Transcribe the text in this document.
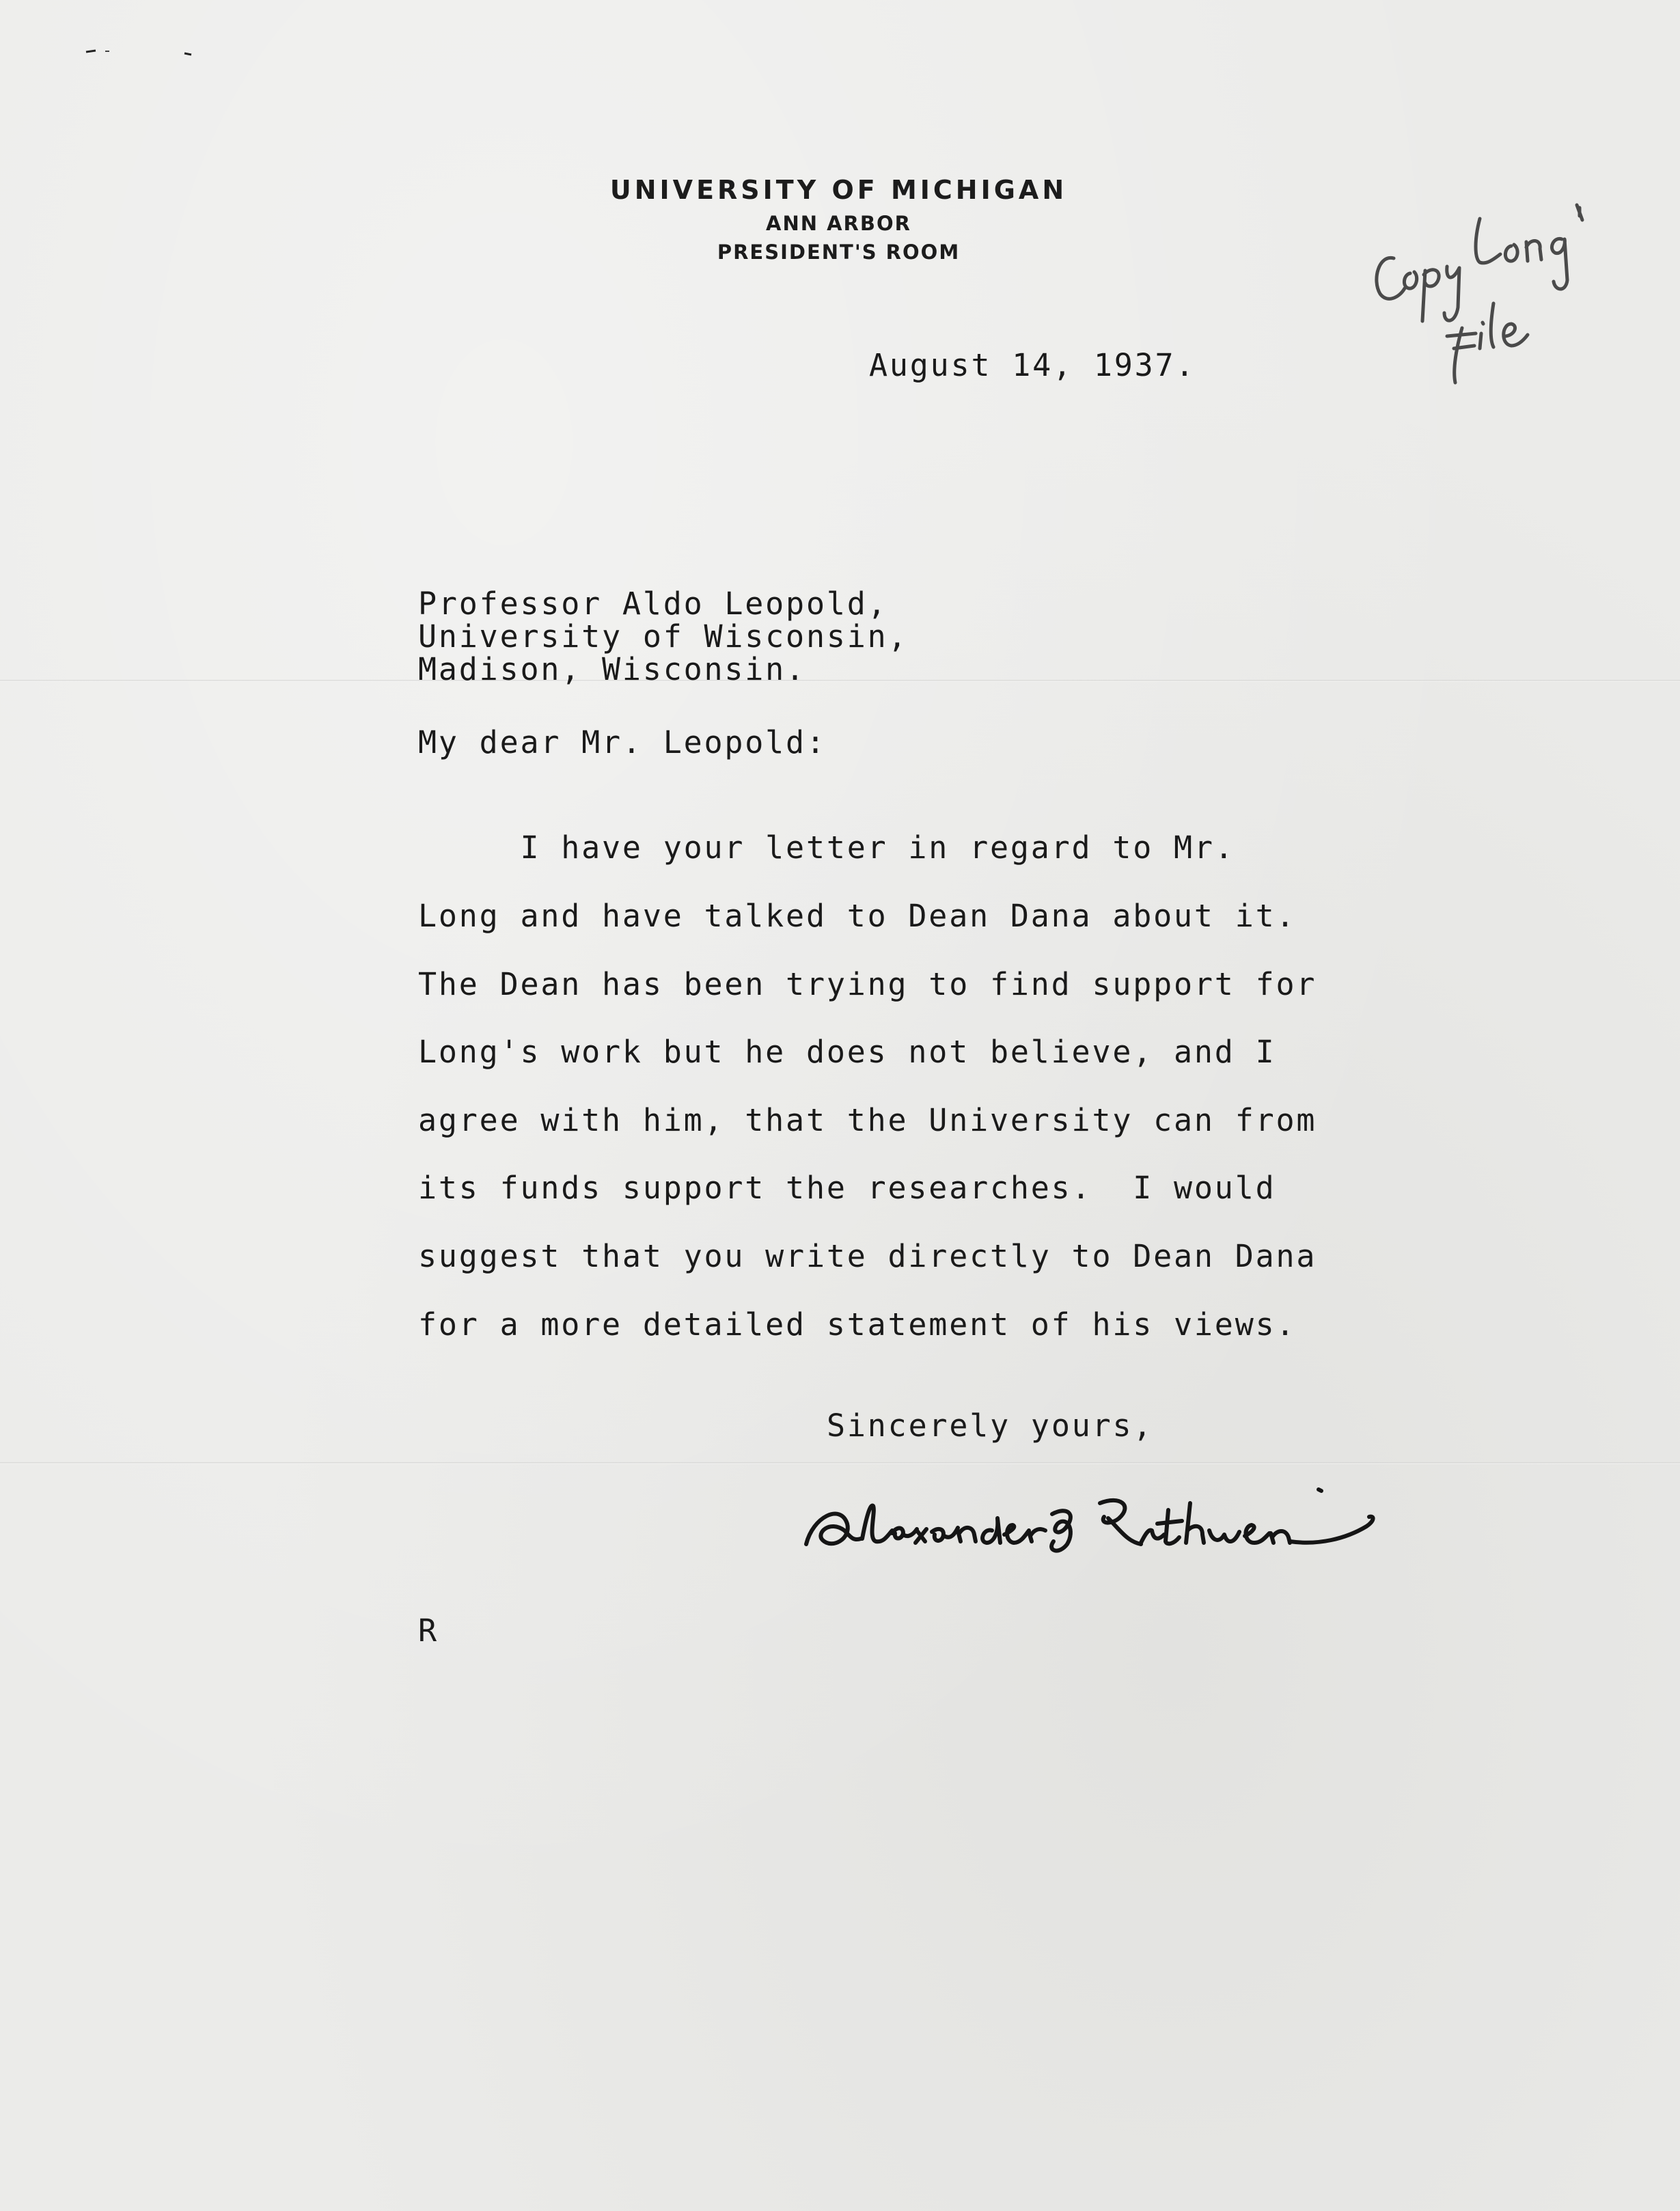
UNIVERSITY OF MICHIGAN
ANN ARBOR
PRESIDENT'S ROOM
August 14, 1937.
Professor Aldo Leopold,
University of Wisconsin,
Madison, Wisconsin.
My dear Mr. Leopold:
I have your letter in regard to Mr.
Long and have talked to Dean Dana about it.
The Dean has been trying to find support for
Long's work but he does not believe, and I
agree with him, that the University can from
its funds support the researches.  I would
suggest that you write directly to Dean Dana
for a more detailed statement of his views.
Sincerely yours,
R
